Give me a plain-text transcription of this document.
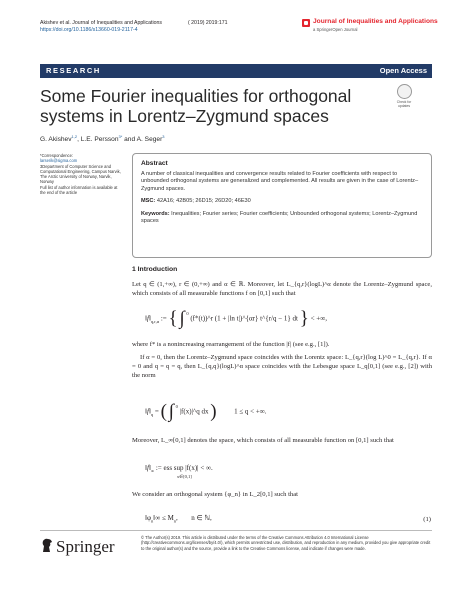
Akishev et al. Journal of Inequalities and Applications
https://doi.org/10.1186/s13660-019-2117-4
( 2019) 2019:171	Journal of Inequalities and Applications
a SpringerOpen Journal
RESEARCH	Open Access
Some Fourier inequalities for orthogonal systems in Lorentz–Zygmund spaces
Check for updates
G. Akishev$^{1,2}$, L.E. Persson$^{3*}$ and A. Seger$^3$
*Correspondence:
larserik@sigma.com
3Department of Computer Science and Computational Engineering, Campus Narvik, The Arctic University of Norway, Narvik, Norway
Full list of author information is available at the end of the article
Abstract
A number of classical inequalities and convergence results related to Fourier coefficients with respect to unbounded orthogonal systems are generalized and complemented. All results are given in the case of Lorentz–Zygmund spaces.
MSC: 42A16; 42B05; 26D15; 26D20; 46E30
Keywords: Inequalities; Fourier series; Fourier coefficients; Unbounded orthogonal systems; Lorentz–Zygmund spaces
1 Introduction

Let q ∈ (1,+∞), r ∈ (0,+∞) and α ∈ ℝ. Moreover, let L_{q,r}(logL)^α denote the Lorentz–Zygmund space, which consists of all measurable functions f on [0,1] such that

$‖f‖_{q,r,\alpha}$ := { ∫ 0 (f*(t))^r (1 + |ln t|)^{αr} t^{r/q − 1} dt } < +∞,

where f* is a nonincreasing rearrangement of the function |f| (see e.g., [1]).

If α = 0, then the Lorentz–Zygmund space coincides with the Lorentz space: L_{q,r}(log L)^0 = L_{q,r}. If α = 0 and q = q = q, then L_{q,q}(logL)^α space coincides with the Lebesgue space L_q[0,1] (see e.g., [2]) with the norm

$‖f‖_q$ = ( ∫ 0 |f(x)|^q dx )	1 ≤ q < +∞.

Moreover, L_∞[0,1] denotes the space, which consists of all measurable function on [0,1] such that

$‖f‖_\infty$ := ess sup |f(x)| < ∞.
x∈[0,1]

We consider an orthogonal system {φ_n} in L_2[0,1] such that

$‖\varphi_n‖\infty \le M_n$,  n ∈ ℕ,	(1)
Springer	© The Author(s) 2019. This article is distributed under the terms of the Creative Commons Attribution 4.0 International License (http://creativecommons.org/licenses/by/4.0/), which permits unrestricted use, distribution, and reproduction in any medium, provided you give appropriate credit to the original author(s) and the source, provide a link to the Creative Commons license, and indicate if changes were made.
